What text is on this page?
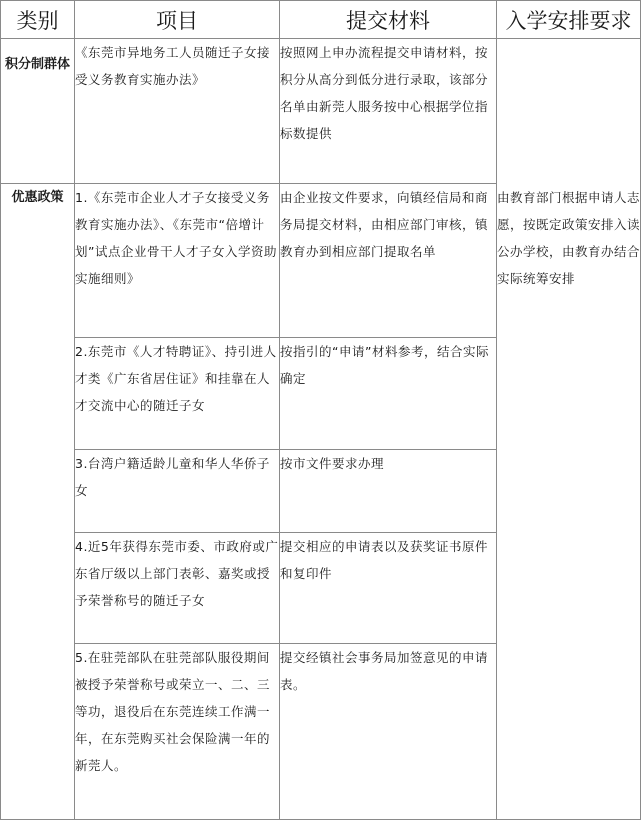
类别	项目	提交材料	入学安排要求
积分制群体	《东莞市异地务工人员随迁子女接受义务教育实施办法》	按照网上申办流程提交申请材料，按积分从高分到低分进行录取，该部分名单由新莞人服务按中心根据学位指标数提供	
优惠政策	1.《东莞市企业人才子女接受义务教育实施办法》、《东莞市“倍增计划”试点企业骨干人才子女入学资助实施细则》	由企业按文件要求，向镇经信局和商务局提交材料，由相应部门审核，镇教育办到相应部门提取名单	由教育部门根据申请人志愿，按既定政策安排入读公办学校，由教育办结合实际统筹安排
	2.东莞市《人才特聘证》、持引进人才类《广东省居住证》和挂靠在人才交流中心的随迁子女	按指引的“申请”材料参考，结合实际确定	
	3.台湾户籍适龄儿童和华人华侨子女	按市文件要求办理	
	4.近5年获得东莞市委、市政府或广东省厅级以上部门表彰、嘉奖或授予荣誉称号的随迁子女	提交相应的申请表以及获奖证书原件和复印件	
	5.在驻莞部队在驻莞部队服役期间被授予荣誉称号或荣立一、二、三等功，退役后在东莞连续工作满一年，在东莞购买社会保险满一年的新莞人。	提交经镇社会事务局加签意见的申请表。	
